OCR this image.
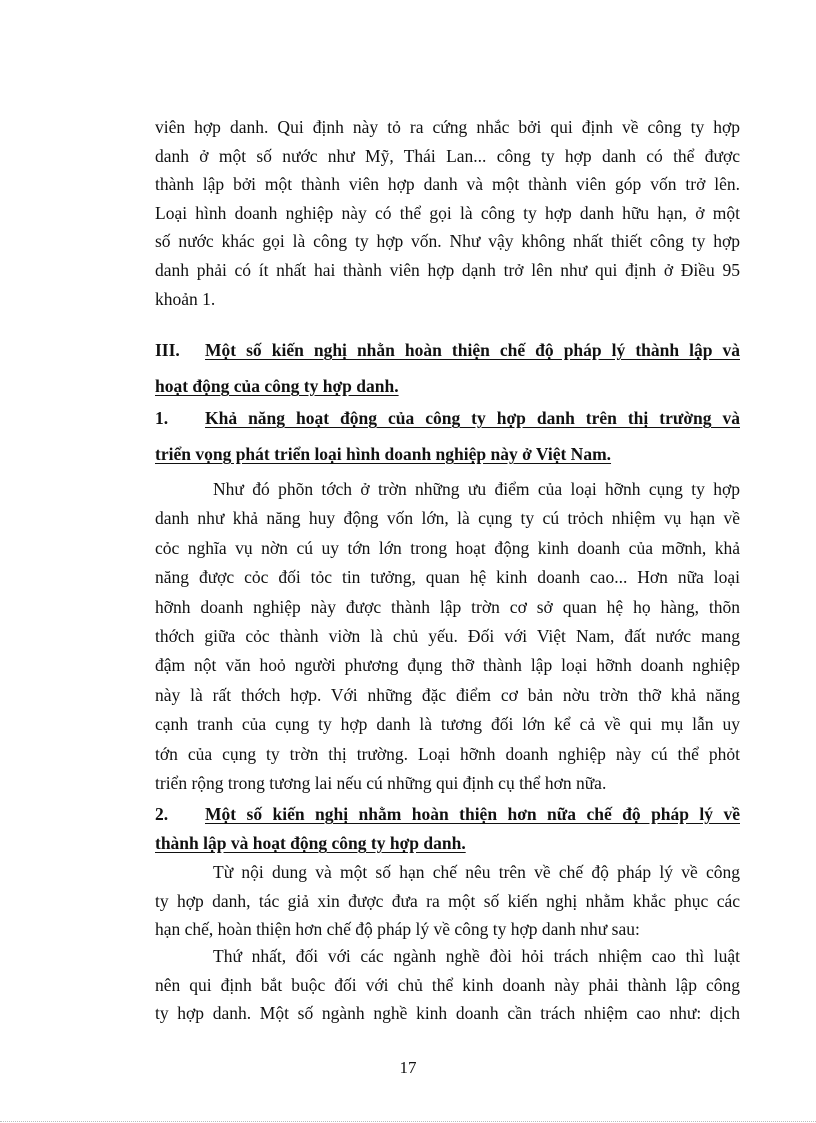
viên hợp danh. Qui định này tỏ ra cứng nhắc bởi qui định về công ty hợp
danh ở một số nước như Mỹ, Thái Lan... công ty hợp danh có thể được
thành lập bởi một thành viên hợp danh và một thành viên góp vốn trở lên.
Loại hình doanh nghiệp này có thể gọi là công ty hợp danh hữu hạn, ở một
số nước khác gọi là công ty hợp vốn. Như vậy không nhất thiết công ty hợp
danh phải có ít nhất hai thành viên hợp dạnh trở lên như qui định ở Điều 95
khoản 1.
III. Một số kiến nghị nhằn hoàn thiện chế độ pháp lý thành lập và
hoạt động của công ty hợp danh.
1. Khả năng hoạt động của công ty hợp danh trên thị trường và
triển vọng phát triển loại hình doanh nghiệp này ở Việt Nam.
Như đó phõn tớch ở trờn những ưu điểm của loại hỡnh cụng ty hợp
danh như khả năng huy động vốn lớn, là cụng ty cú trỏch nhiệm vụ hạn về
cỏc nghĩa vụ nờn cú uy tớn lớn trong hoạt động kinh doanh của mỡnh, khả
năng được cỏc đối tỏc tin tưởng, quan hệ kinh doanh cao... Hơn nữa loại
hỡnh doanh nghiệp này được thành lập trờn cơ sở quan hệ họ hàng, thõn
thớch giữa cỏc thành viờn là chủ yếu. Đối với Việt Nam, đất nước mang
đậm nột văn hoỏ người phương đụng thỡ thành lập loại hỡnh doanh nghiệp
này là rất thớch hợp. Với những đặc điểm cơ bản nờu trờn thỡ khả năng
cạnh tranh của cụng ty hợp danh là tương đối lớn kể cả về qui mụ lẫn uy
tớn của cụng ty trờn thị trường. Loại hỡnh doanh nghiệp này cú thể phỏt
triển rộng trong tương lai nếu cú những qui định cụ thể hơn nữa.
2. Một số kiến nghị nhằm hoàn thiện hơn nữa chế độ pháp lý về
thành lập và hoạt động công ty hợp danh.
Từ nội dung và một số hạn chế nêu trên về chế độ pháp lý về công
ty hợp danh, tác giả xin được đưa ra một số kiến nghị nhằm khắc phục các
hạn chế, hoàn thiện hơn chế độ pháp lý về công ty hợp danh như sau:
Thứ nhất, đối với các ngành nghề đòi hỏi trách nhiệm cao thì luật
nên qui định bắt buộc đối với chủ thể kinh doanh này phải thành lập công
ty hợp danh. Một số ngành nghề kinh doanh cần trách nhiệm cao như: dịch
17
